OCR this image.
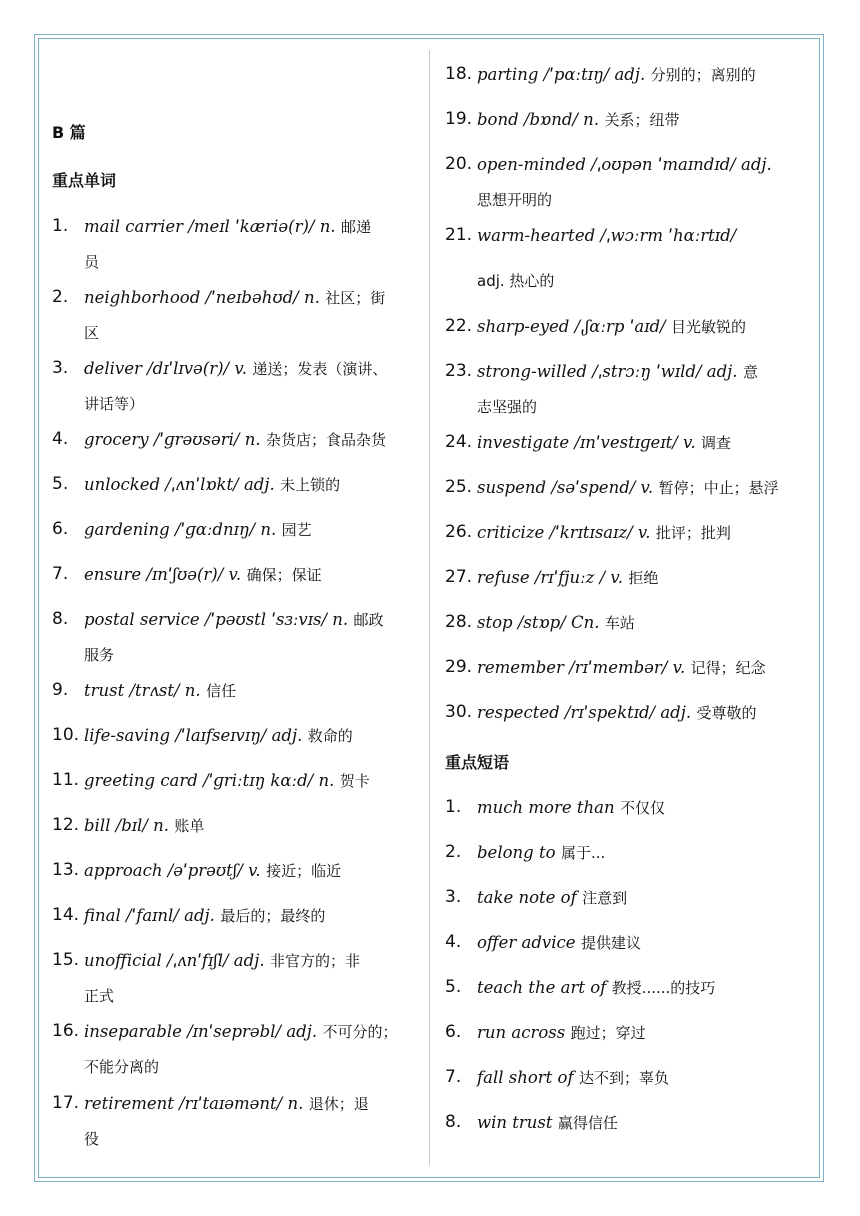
B 篇
重点单词
1. mail carrier /meɪl ˈkæriə(r)/ n. 邮递
员
2. neighborhood /ˈneɪbəhʊd/ n. 社区；街
区
3. deliver /dɪˈlɪvə(r)/ v. 递送；发表（演讲、
讲话等）
4. grocery /ˈɡrəʊsəri/ n. 杂货店；食品杂货
5. unlocked /ˌʌnˈlɒkt/ adj. 未上锁的
6. gardening /ˈɡɑːdnɪŋ/ n. 园艺
7. ensure /ɪnˈʃʊə(r)/ v. 确保；保证
8. postal service /ˈpəʊstl ˈsɜːvɪs/ n. 邮政
服务
9. trust /trʌst/ n. 信任
10. life-saving /ˈlaɪfseɪvɪŋ/ adj. 救命的
11. greeting card /ˈɡriːtɪŋ kɑːd/ n. 贺卡
12. bill /bɪl/ n. 账单
13. approach /əˈprəʊtʃ/ v. 接近；临近
14. final /ˈfaɪnl/ adj. 最后的；最终的
15. unofficial /ˌʌnˈfɪʃl/ adj. 非官方的；非
正式
16. inseparable /ɪnˈseprəbl/ adj. 不可分的；
不能分离的
17. retirement /rɪˈtaɪəmənt/ n. 退休；退
役
18. parting /ˈpɑːtɪŋ/ adj. 分别的；离别的
19. bond /bɒnd/ n. 关系；纽带
20. open-minded /ˌoʊpən ˈmaɪndɪd/ adj.
思想开明的
21. warm-hearted /ˌwɔːrm ˈhɑːrtɪd/
adj. 热心的
22. sharp-eyed /ˌʃɑːrp ˈaɪd/ 目光敏锐的
23. strong-willed /ˌstrɔːŋ ˈwɪld/ adj. 意
志坚强的
24. investigate /ɪnˈvestɪɡeɪt/ v. 调查
25. suspend /səˈspend/ v. 暂停；中止；悬浮
26. criticize /ˈkrɪtɪsaɪz/ v. 批评；批判
27. refuse /rɪˈfjuːz / v. 拒绝
28. stop /stɒp/ Cn. 车站
29. remember /rɪˈmembər/ v. 记得；纪念
30. respected /rɪˈspektɪd/ adj. 受尊敬的
重点短语
1. much more than 不仅仅
2. belong to 属于...
3. take note of 注意到
4. offer advice 提供建议
5. teach the art of 教授......的技巧
6. run across 跑过；穿过
7. fall short of 达不到；辜负
8. win trust 赢得信任
